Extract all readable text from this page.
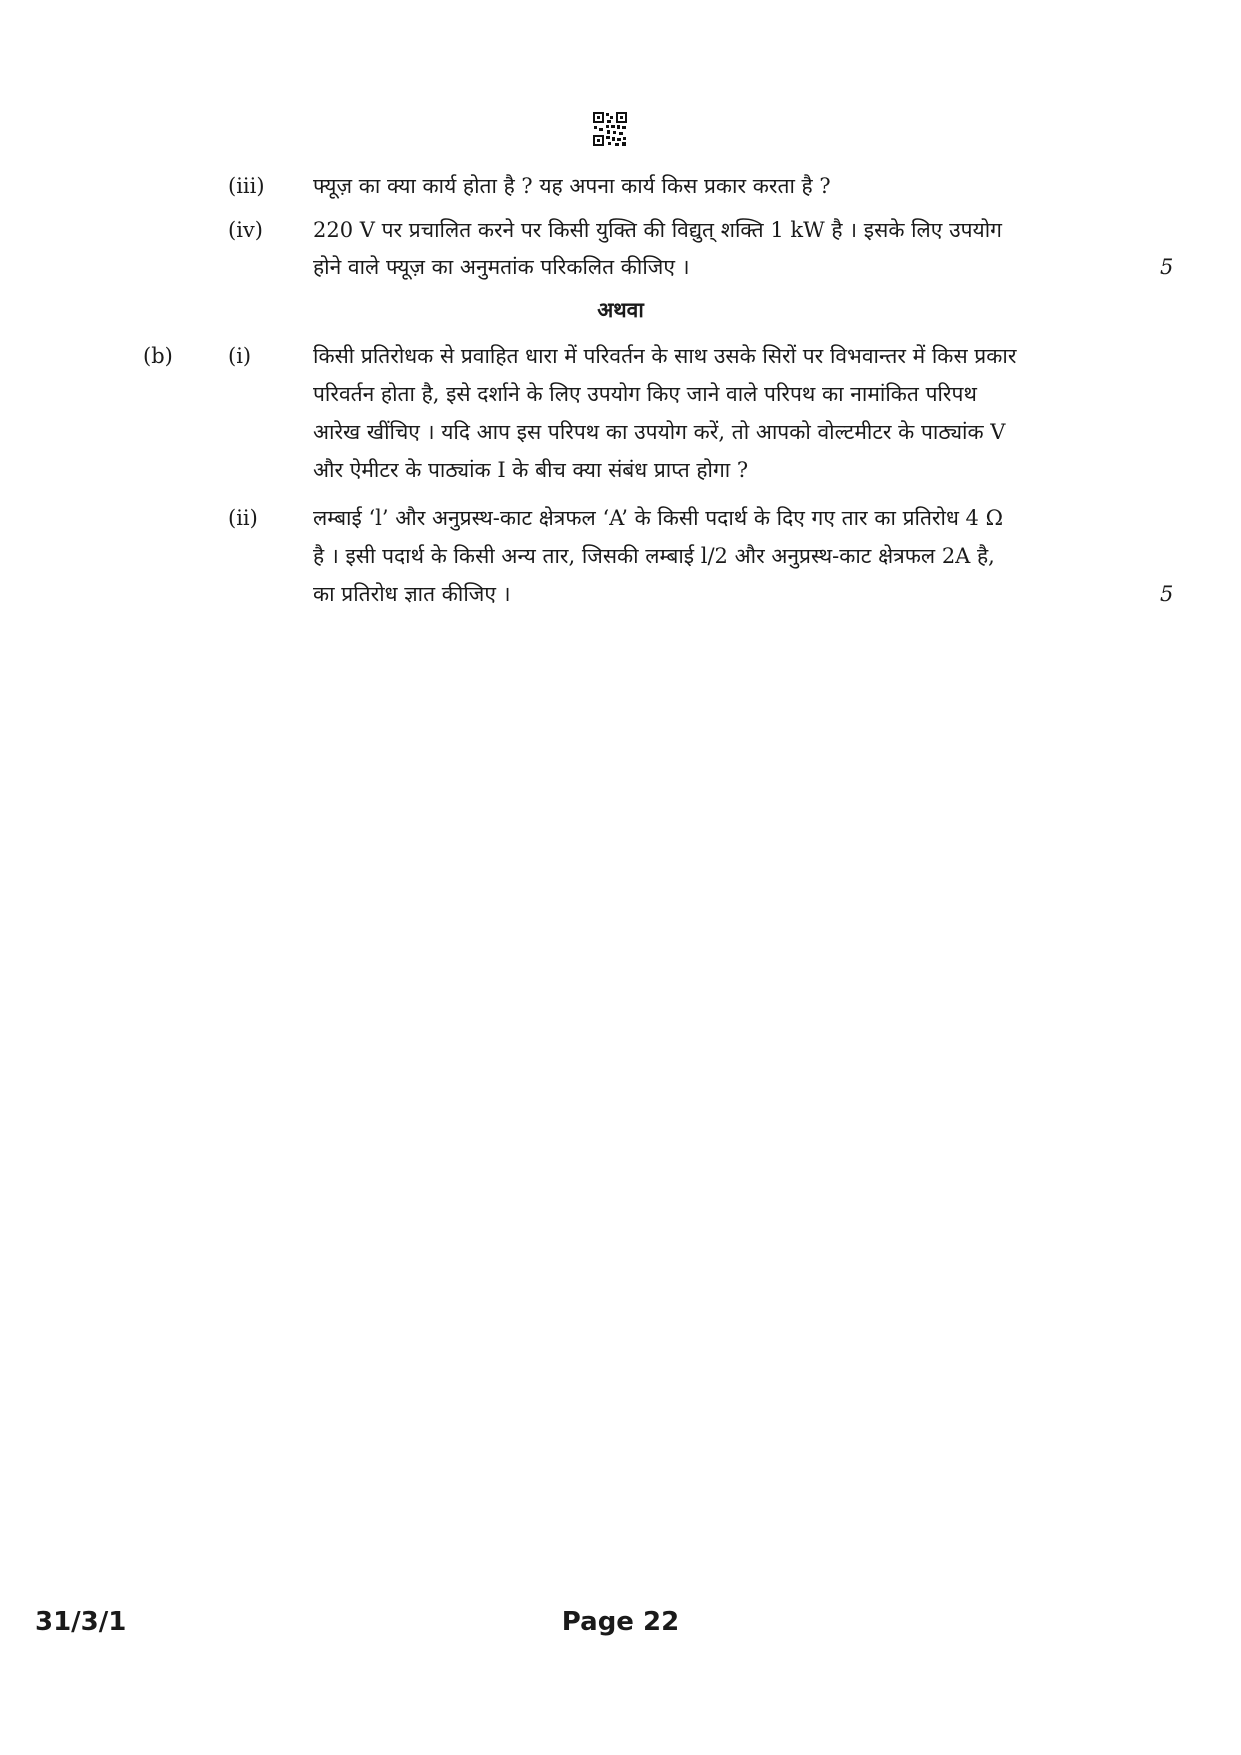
(iii) फ्यूज़ का क्या कार्य होता है ? यह अपना कार्य किस प्रकार करता है ?
(iv) 220 V पर प्रचालित करने पर किसी युक्ति की विद्युत् शक्ति 1 kW है । इसके लिए उपयोग
होने वाले फ्यूज़ का अनुमतांक परिकलित कीजिए ।	5
अथवा
(b)	(i)	किसी प्रतिरोधक से प्रवाहित धारा में परिवर्तन के साथ उसके सिरों पर विभवान्तर में किस प्रकार
परिवर्तन होता है, इसे दर्शाने के लिए उपयोग किए जाने वाले परिपथ का नामांकित परिपथ
आरेख खींचिए । यदि आप इस परिपथ का उपयोग करें, तो आपको वोल्टमीटर के पाठ्यांक V
और ऐमीटर के पाठ्यांक I के बीच क्या संबंध प्राप्त होगा ?
(ii)	लम्बाई ‘l’ और अनुप्रस्थ-काट क्षेत्रफल ‘A’ के किसी पदार्थ के दिए गए तार का प्रतिरोध 4 Ω
है । इसी पदार्थ के किसी अन्य तार, जिसकी लम्बाई l/2 और अनुप्रस्थ-काट क्षेत्रफल 2A है,
का प्रतिरोध ज्ञात कीजिए ।	5
31/3/1	Page 22
